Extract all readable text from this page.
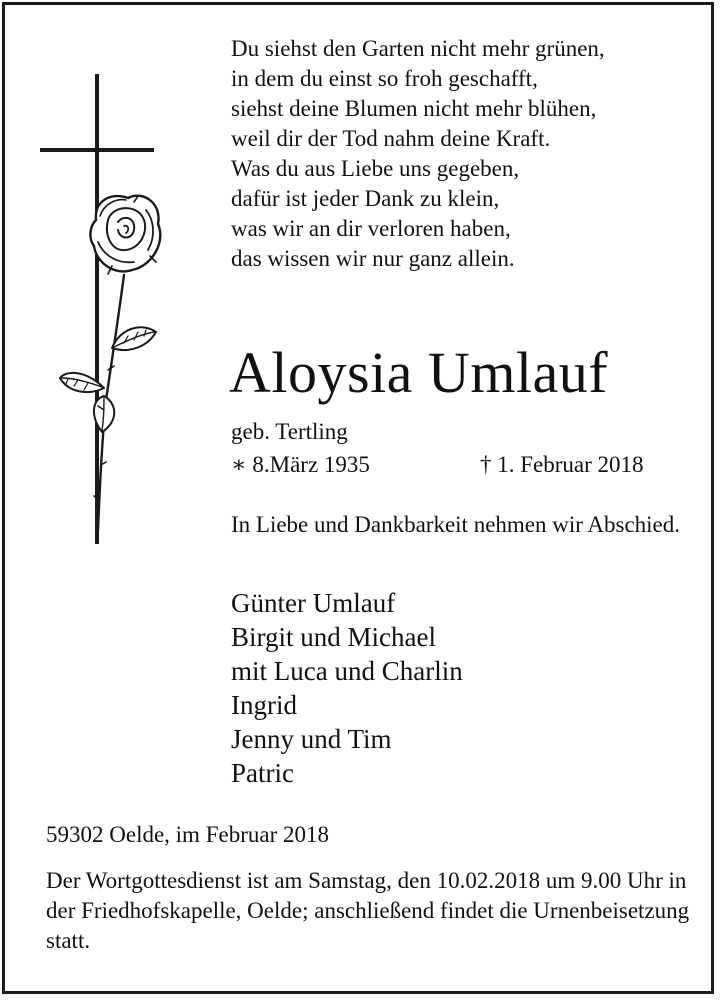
Du siehst den Garten nicht mehr grünen,
in dem du einst so froh geschafft,
siehst deine Blumen nicht mehr blühen,
weil dir der Tod nahm deine Kraft.
Was du aus Liebe uns gegeben,
dafür ist jeder Dank zu klein,
was wir an dir verloren haben,
das wissen wir nur ganz allein.
Aloysia Umlauf
geb. Tertling
∗ 8.März 1935	† 1. Februar 2018
In Liebe und Dankbarkeit nehmen wir Abschied.
Günter Umlauf
Birgit und Michael
mit Luca und Charlin
Ingrid
Jenny und Tim
Patric
59302 Oelde, im Februar 2018
Der Wortgottesdienst ist am Samstag, den 10.02.2018 um 9.00 Uhr in der Friedhofskapelle, Oelde; anschließend findet die Urnenbeisetzung statt.
